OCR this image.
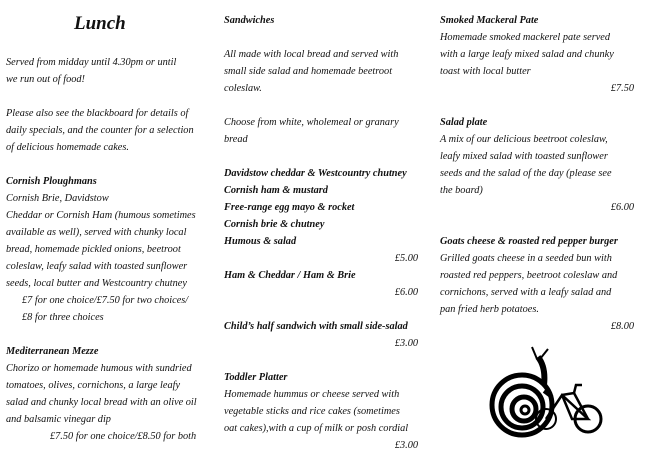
Lunch

Served from midday until 4.30pm or until

we run out of food!

Please also see the blackboard for details of

daily specials, and the counter for a selection

of delicious homemade cakes.

Cornish Ploughmans

Cornish Brie, Davidstow

Cheddar or Cornish Ham (humous sometimes

available as well), served with chunky local

bread, homemade pickled onions, beetroot

coleslaw, leafy salad with toasted sunflower

seeds, local butter and Westcountry chutney

£7 for one choice/£7.50 for two choices/

£8 for three choices

Mediterranean Mezze

Chorizo or homemade humous with sundried

tomatoes, olives, cornichons, a large leafy

salad and chunky local bread with an olive oil

and balsamic vinegar dip

£7.50 for one choice/£8.50 for both

Sandwiches

All made with local bread and served with

small side salad and homemade beetroot

coleslaw.

Choose from white, wholemeal or granary

bread

Davidstow cheddar & Westcountry chutney

Cornish ham & mustard

Free-range egg mayo & rocket

Cornish brie & chutney

Humous & salad

£5.00

Ham & Cheddar / Ham & Brie

£6.00

Child’s half sandwich with small side-salad

£3.00

Toddler Platter

Homemade hummus or cheese served with

vegetable sticks and rice cakes (sometimes

oat cakes),with a cup of milk or posh cordial

£3.00

Smoked Mackeral Pate

Homemade smoked mackerel pate served

with a large leafy mixed salad and chunky

toast with local butter

£7.50

Salad plate

A mix of our delicious beetroot coleslaw,

leafy mixed salad with toasted sunflower

seeds and the salad of the day (please see

the board)

£6.00

Goats cheese & roasted red pepper burger

Grilled goats cheese in a seeded bun with

roasted red peppers, beetroot coleslaw and

cornichons, served with a leafy salad and

pan fried herb potatoes.

£8.00
